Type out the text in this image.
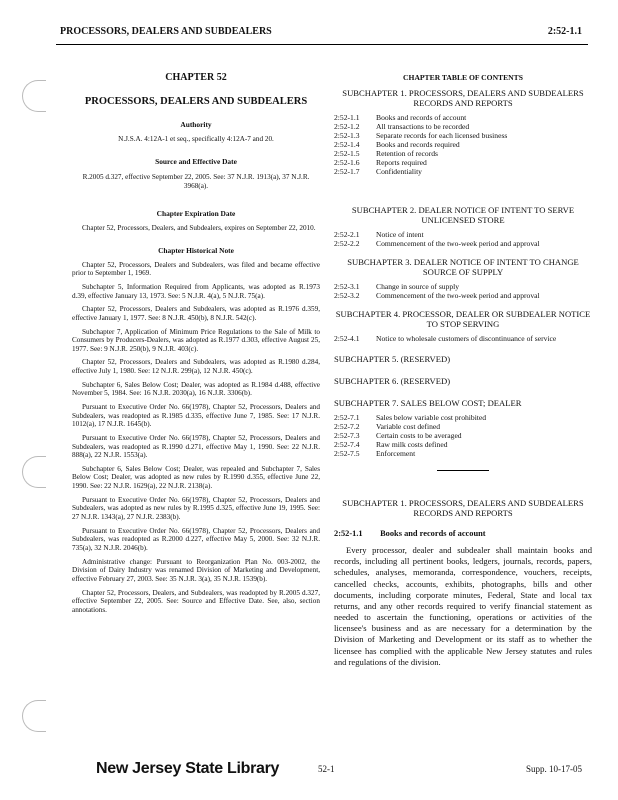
PROCESSORS, DEALERS AND SUBDEALERS	2:52-1.1
CHAPTER 52
PROCESSORS, DEALERS AND SUBDEALERS
Authority
N.J.S.A. 4:12A-1 et seq., specifically 4:12A-7 and 20.
Source and Effective Date
R.2005 d.327, effective September 22, 2005. See: 37 N.J.R. 1913(a), 37 N.J.R. 3968(a).
Chapter Expiration Date
Chapter 52, Processors, Dealers, and Subdealers, expires on September 22, 2010.
Chapter Historical Note
Chapter 52, Processors, Dealers and Subdealers, was filed and became effective prior to September 1, 1969.
Subchapter 5, Information Required from Applicants, was adopted as R.1973 d.39, effective January 13, 1973. See: 5 N.J.R. 4(a), 5 N.J.R. 75(a).
Chapter 52, Processors, Dealers and Subdealers, was adopted as R.1976 d.359, effective January 1, 1977. See: 8 N.J.R. 450(b), 8 N.J.R. 542(c).
Subchapter 7, Application of Minimum Price Regulations to the Sale of Milk to Consumers by Producers-Dealers, was adopted as R.1977 d.303, effective August 25, 1977. See: 9 N.J.R. 250(b), 9 N.J.R. 403(c).
Chapter 52, Processors, Dealers and Subdealers, was adopted as R.1980 d.284, effective July 1, 1980. See: 12 N.J.R. 299(a), 12 N.J.R. 450(c).
Subchapter 6, Sales Below Cost; Dealer, was adopted as R.1984 d.488, effective November 5, 1984. See: 16 N.J.R. 2030(a), 16 N.J.R. 3306(b).
Pursuant to Executive Order No. 66(1978), Chapter 52, Processors, Dealers and Subdealers, was readopted as R.1985 d.335, effective June 7, 1985. See: 17 N.J.R. 1012(a), 17 N.J.R. 1645(b).
Pursuant to Executive Order No. 66(1978), Chapter 52, Processors, Dealers and Subdealers, was readopted as R.1990 d.271, effective May 1, 1990. See: 22 N.J.R. 888(a), 22 N.J.R. 1553(a).
Subchapter 6, Sales Below Cost; Dealer, was repealed and Subchapter 7, Sales Below Cost; Dealer, was adopted as new rules by R.1990 d.355, effective June 22, 1990. See: 22 N.J.R. 1629(a), 22 N.J.R. 2138(a).
Pursuant to Executive Order No. 66(1978), Chapter 52, Processors, Dealers and Subdealers, was adopted as new rules by R.1995 d.325, effective June 19, 1995. See: 27 N.J.R. 1343(a), 27 N.J.R. 2383(b).
Pursuant to Executive Order No. 66(1978), Chapter 52, Processors, Dealers and Subdealers, was readopted as R.2000 d.227, effective May 5, 2000. See: 32 N.J.R. 735(a), 32 N.J.R. 2046(b).
Administrative change: Pursuant to Reorganization Plan No. 003-2002, the Division of Dairy Industry was renamed Division of Marketing and Development, effective February 27, 2003. See: 35 N.J.R. 3(a), 35 N.J.R. 1539(b).
Chapter 52, Processors, Dealers, and Subdealers, was readopted by R.2005 d.327, effective September 22, 2005. See: Source and Effective Date. See, also, section annotations.
CHAPTER TABLE OF CONTENTS
SUBCHAPTER 1. PROCESSORS, DEALERS AND SUBDEALERS RECORDS AND REPORTS
2:52-1.1	Books and records of account
2:52-1.2	All transactions to be recorded
2:52-1.3	Separate records for each licensed business
2:52-1.4	Books and records required
2:52-1.5	Retention of records
2:52-1.6	Reports required
2:52-1.7	Confidentiality
SUBCHAPTER 2. DEALER NOTICE OF INTENT TO SERVE UNLICENSED STORE
2:52-2.1	Notice of intent
2:52-2.2	Commencement of the two-week period and approval
SUBCHAPTER 3. DEALER NOTICE OF INTENT TO CHANGE SOURCE OF SUPPLY
2:52-3.1	Change in source of supply
2:52-3.2	Commencement of the two-week period and approval
SUBCHAPTER 4. PROCESSOR, DEALER OR SUBDEALER NOTICE TO STOP SERVING
2:52-4.1	Notice to wholesale customers of discontinuance of service
SUBCHAPTER 5. (RESERVED)
SUBCHAPTER 6. (RESERVED)
SUBCHAPTER 7. SALES BELOW COST; DEALER
2:52-7.1	Sales below variable cost prohibited
2:52-7.2	Variable cost defined
2:52-7.3	Certain costs to be averaged
2:52-7.4	Raw milk costs defined
2:52-7.5	Enforcement
SUBCHAPTER 1. PROCESSORS, DEALERS AND SUBDEALERS RECORDS AND REPORTS
2:52-1.1 Books and records of account
Every processor, dealer and subdealer shall maintain books and records, including all pertinent books, ledgers, journals, records, papers, schedules, analyses, memoranda, correspondence, vouchers, receipts, cancelled checks, accounts, exhibits, photographs, bills and other documents, including corporate minutes, Federal, State and local tax returns, and any other records required to verify financial statement as needed to ascertain the functioning, operations or activities of the licensee's business and as are necessary for a determination by the Division of Marketing and Development or its staff as to whether the licensee has complied with the applicable New Jersey statutes and rules and regulations of the division.
New Jersey State Library	52-1	Supp. 10-17-05
